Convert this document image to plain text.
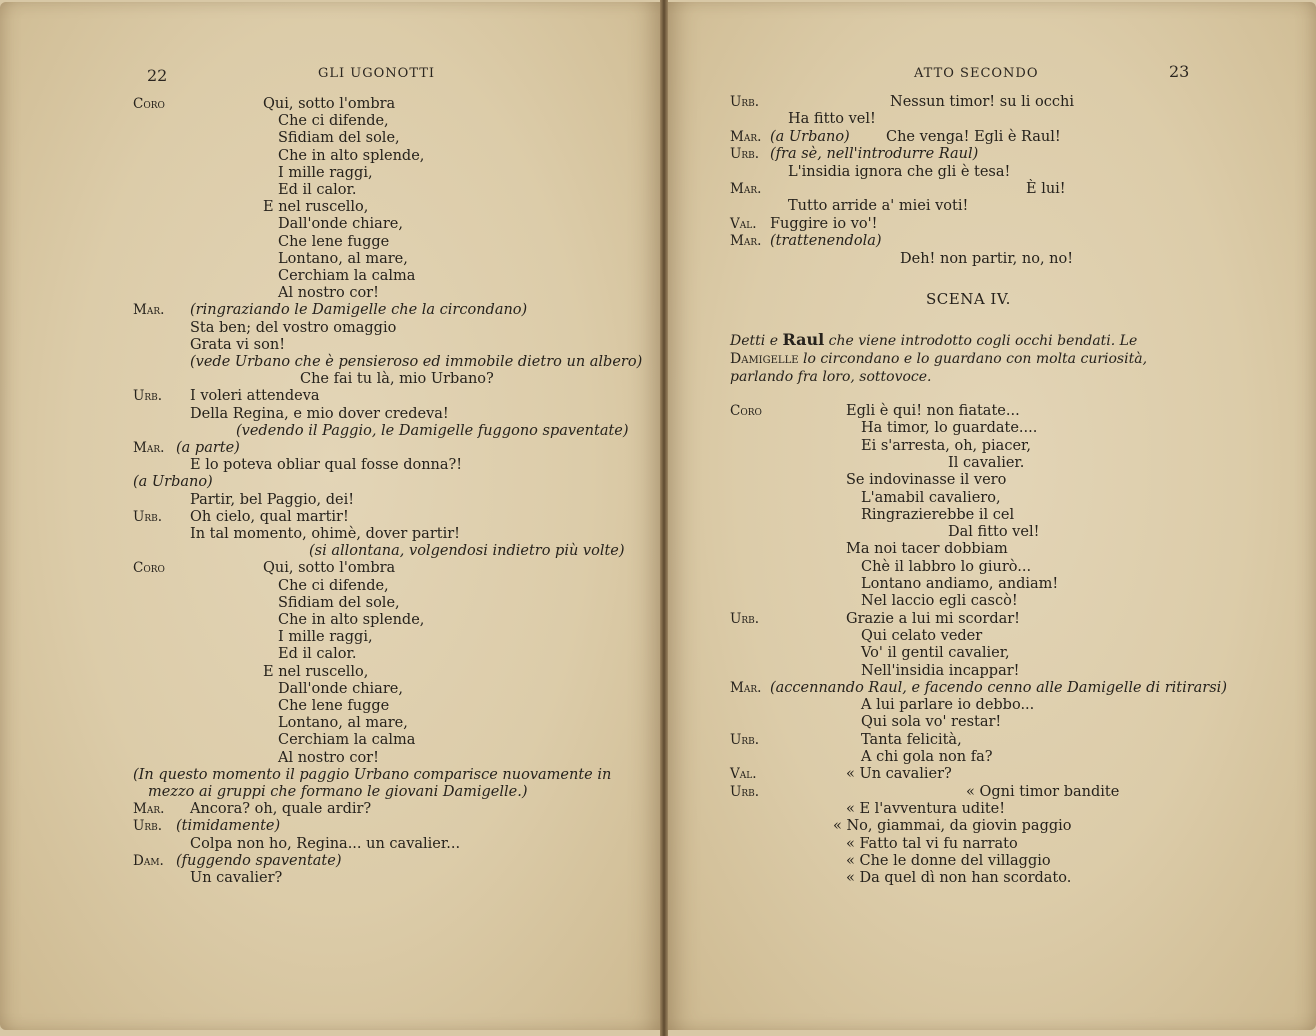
22	GLI UGONOTTI
Coro	Qui, sotto l'ombra
Che ci difende,
Sfidiam del sole,
Che in alto splende,
I mille raggi,
Ed il calor.
E nel ruscello,
Dall'onde chiare,
Che lene fugge
Lontano, al mare,
Cerchiam la calma
Al nostro cor!
Mar. (ringraziando le Damigelle che la circondano)
Sta ben; del vostro omaggio
Grata vi son!
(vede Urbano che è pensieroso ed immobile dietro un albero)
Che fai tu là, mio Urbano?
Urb. I voleri attendeva
Della Regina, e mio dover credeva!
(vedendo il Paggio, le Damigelle fuggono spaventate)
Mar. (a parte)
E lo poteva obliar qual fosse donna?!
(a Urbano)
Partir, bel Paggio, dei!
Urb. Oh cielo, qual martir!
In tal momento, ohimè, dover partir!
(si allontana, volgendosi indietro più volte)
Coro	Qui, sotto l'ombra
Che ci difende,
Sfidiam del sole,
Che in alto splende,
I mille raggi,
Ed il calor.
E nel ruscello,
Dall'onde chiare,
Che lene fugge
Lontano, al mare,
Cerchiam la calma
Al nostro cor!
(In questo momento il paggio Urbano comparisce nuovamente in
mezzo ai gruppi che formano le giovani Damigelle.)
Mar. Ancora? oh, quale ardir?
Urb. (timidamente)
Colpa non ho, Regina... un cavalier...
Dam. (fuggendo spaventate)
Un cavalier?
ATTO SECONDO	23
Urb.	Nessun timor! su li occhi
Ha fitto vel!
Mar. (a Urbano)	Che venga! Egli è Raul!
Urb. (fra sè, nell'introdurre Raul)
L'insidia ignora che gli è tesa!
Mar.	È lui!
Tutto arride a' miei voti!
Val. Fuggire io vo'!
Mar. (trattenendola)
Deh! non partir, no, no!
SCENA IV.
Detti e Raul che viene introdotto cogli occhi bendati. Le Damigelle lo circondano e lo guardano con molta curiosità, parlando fra loro, sottovoce.
Coro	Egli è qui! non fiatate...
Ha timor, lo guardate....
Ei s'arresta, oh, piacer,
Il cavalier.
Se indovinasse il vero
L'amabil cavaliero,
Ringrazierebbe il cel
Dal fitto vel!
Ma noi tacer dobbiam
Chè il labbro lo giurò...
Lontano andiamo, andiam!
Nel laccio egli cascò!
Urb.	Grazie a lui mi scordar!
Qui celato veder
Vo' il gentil cavalier,
Nell'insidia incappar!
Mar. (accennando Raul, e facendo cenno alle Damigelle di ritirarsi)
A lui parlare io debbo...
Qui sola vo' restar!
Urb.	Tanta felicità,
A chi gola non fa?
Val.	« Un cavalier?
Urb.	« Ogni timor bandite
« E l'avventura udite!
« No, giammai, da giovin paggio
« Fatto tal vi fu narrato
« Che le donne del villaggio
« Da quel dì non han scordato.
